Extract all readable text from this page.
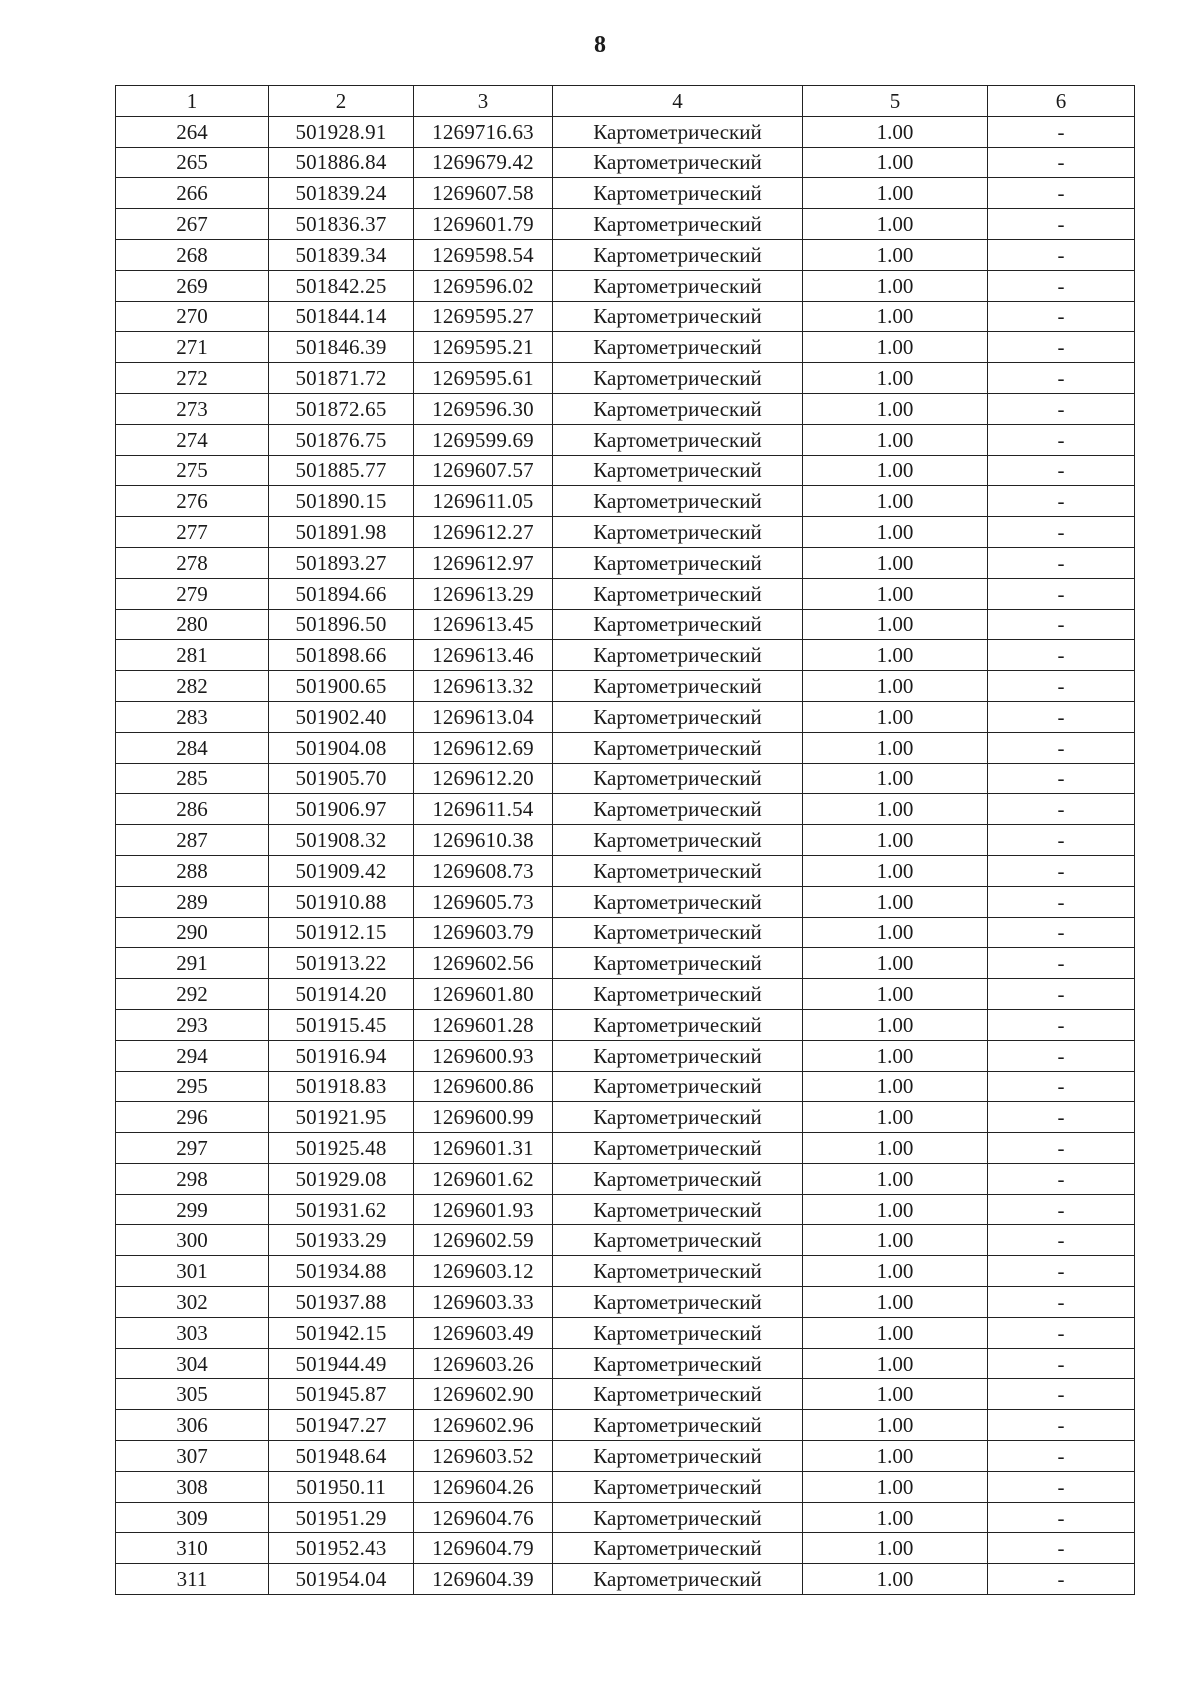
8
1	2	3	4	5	6
264	501928.91	1269716.63	Картометрический	1.00	-
265	501886.84	1269679.42	Картометрический	1.00	-
266	501839.24	1269607.58	Картометрический	1.00	-
267	501836.37	1269601.79	Картометрический	1.00	-
268	501839.34	1269598.54	Картометрический	1.00	-
269	501842.25	1269596.02	Картометрический	1.00	-
270	501844.14	1269595.27	Картометрический	1.00	-
271	501846.39	1269595.21	Картометрический	1.00	-
272	501871.72	1269595.61	Картометрический	1.00	-
273	501872.65	1269596.30	Картометрический	1.00	-
274	501876.75	1269599.69	Картометрический	1.00	-
275	501885.77	1269607.57	Картометрический	1.00	-
276	501890.15	1269611.05	Картометрический	1.00	-
277	501891.98	1269612.27	Картометрический	1.00	-
278	501893.27	1269612.97	Картометрический	1.00	-
279	501894.66	1269613.29	Картометрический	1.00	-
280	501896.50	1269613.45	Картометрический	1.00	-
281	501898.66	1269613.46	Картометрический	1.00	-
282	501900.65	1269613.32	Картометрический	1.00	-
283	501902.40	1269613.04	Картометрический	1.00	-
284	501904.08	1269612.69	Картометрический	1.00	-
285	501905.70	1269612.20	Картометрический	1.00	-
286	501906.97	1269611.54	Картометрический	1.00	-
287	501908.32	1269610.38	Картометрический	1.00	-
288	501909.42	1269608.73	Картометрический	1.00	-
289	501910.88	1269605.73	Картометрический	1.00	-
290	501912.15	1269603.79	Картометрический	1.00	-
291	501913.22	1269602.56	Картометрический	1.00	-
292	501914.20	1269601.80	Картометрический	1.00	-
293	501915.45	1269601.28	Картометрический	1.00	-
294	501916.94	1269600.93	Картометрический	1.00	-
295	501918.83	1269600.86	Картометрический	1.00	-
296	501921.95	1269600.99	Картометрический	1.00	-
297	501925.48	1269601.31	Картометрический	1.00	-
298	501929.08	1269601.62	Картометрический	1.00	-
299	501931.62	1269601.93	Картометрический	1.00	-
300	501933.29	1269602.59	Картометрический	1.00	-
301	501934.88	1269603.12	Картометрический	1.00	-
302	501937.88	1269603.33	Картометрический	1.00	-
303	501942.15	1269603.49	Картометрический	1.00	-
304	501944.49	1269603.26	Картометрический	1.00	-
305	501945.87	1269602.90	Картометрический	1.00	-
306	501947.27	1269602.96	Картометрический	1.00	-
307	501948.64	1269603.52	Картометрический	1.00	-
308	501950.11	1269604.26	Картометрический	1.00	-
309	501951.29	1269604.76	Картометрический	1.00	-
310	501952.43	1269604.79	Картометрический	1.00	-
311	501954.04	1269604.39	Картометрический	1.00	-
